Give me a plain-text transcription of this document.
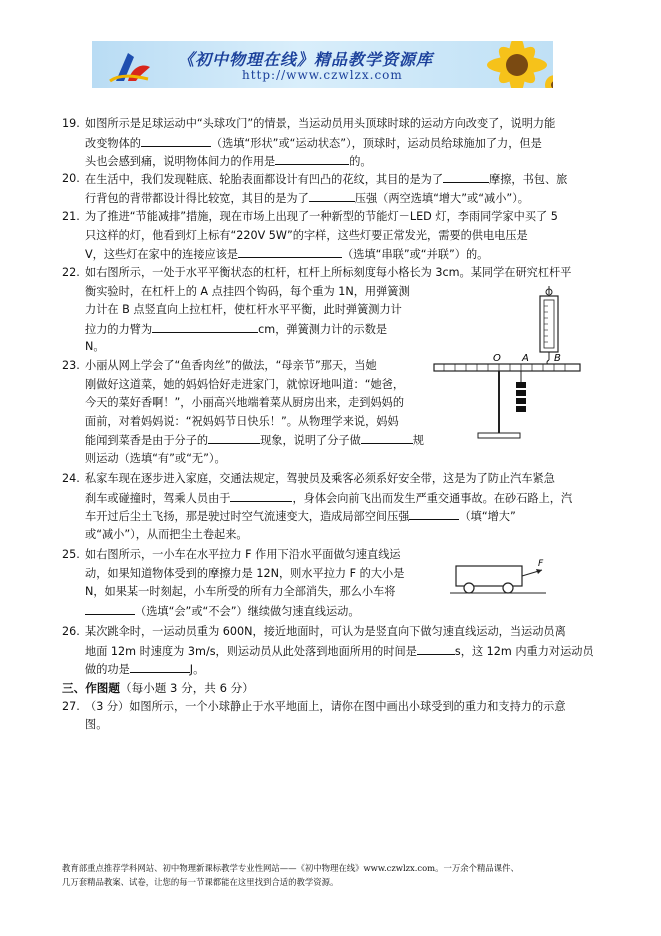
《初中物理在线》精品教学资源库
http://www.czwlzx.com
19. 如图所示是足球运动中“头球攻门”的情景，当运动员用头顶球时球的运动方向改变了，说明力能
改变物体的	（选填“形状”或“运动状态”），顶球时，运动员给球施加了力，但是
头也会感到痛，说明物体间力的作用是	的。
20. 在生活中，我们发现鞋底、轮胎表面都设计有凹凸的花纹，其目的是为了	摩擦，书包、旅
行背包的背带都设计得比较宽，其目的是为了	压强（两空选填“增大”或“减小”）。
21. 为了推进“节能减排”措施，现在市场上出现了一种新型的节能灯－LED 灯，李雨同学家中买了 5
只这样的灯，他看到灯上标有“220V 5W”的字样，这些灯要正常发光，需要的供电电压是
V，这些灯在家中的连接应该是	（选填“串联”或“并联”）的。
22. 如右图所示，一处于水平平衡状态的杠杆，杠杆上所标刻度每小格长为 3cm。某同学在研究杠杆平
衡实验时，在杠杆上的 A 点挂四个钩码，每个重为 1N，用弹簧测
力计在 B 点竖直向上拉杠杆，使杠杆水平平衡，此时弹簧测力计
拉力的力臂为	cm，弹簧测力计的示数是
N。
23. 小丽从网上学会了“鱼香肉丝”的做法，“母亲节”那天，当她
刚做好这道菜，她的妈妈恰好走进家门，就惊讶地叫道：“她爸，
今天的菜好香啊！”，小丽高兴地端着菜从厨房出来，走到妈妈的
面前，对着妈妈说：“祝妈妈节日快乐！”。从物理学来说，妈妈
能闻到菜香是由于分子的	现象，说明了分子做	规
则运动（选填“有”或“无”）。
24. 私家车现在逐步进入家庭，交通法规定，驾驶员及乘客必须系好安全带，这是为了防止汽车紧急
刹车或碰撞时，驾乘人员由于	，身体会向前飞出而发生严重交通事故。在砂石路上，汽
车开过后尘土飞扬，那是驶过时空气流速变大，造成局部空间压强	（填“增大”
或“减小”），从而把尘土卷起来。
25. 如右图所示，一小车在水平拉力 F 作用下沿水平面做匀速直线运
动，如果知道物体受到的摩擦力是 12N，则水平拉力 F 的大小是
N，如果某一时刻起，小车所受的所有力全部消失，那么小车将
（选填“会”或“不会”）继续做匀速直线运动。
26. 某次跳伞时，一运动员重为 600N，接近地面时，可认为是竖直向下做匀速直线运动，当运动员离
地面 12m 时速度为 3m/s，则运动员从此处落到地面所用的时间是	s，这 12m 内重力对运动员
做的功是	J。
O A	B
F
三、作图题（每小题 3 分，共 6 分）
27. （3 分）如图所示，一个小球静止于水平地面上，请你在图中画出小球受到的重力和支持力的示意
图。
教育部重点推荐学科网站、初中物理新课标教学专业性网站——《初中物理在线》www.czwlzx.com。一万余个精品课件、
几万套精品教案、试卷，让您的每一节课都能在这里找到合适的教学资源。
